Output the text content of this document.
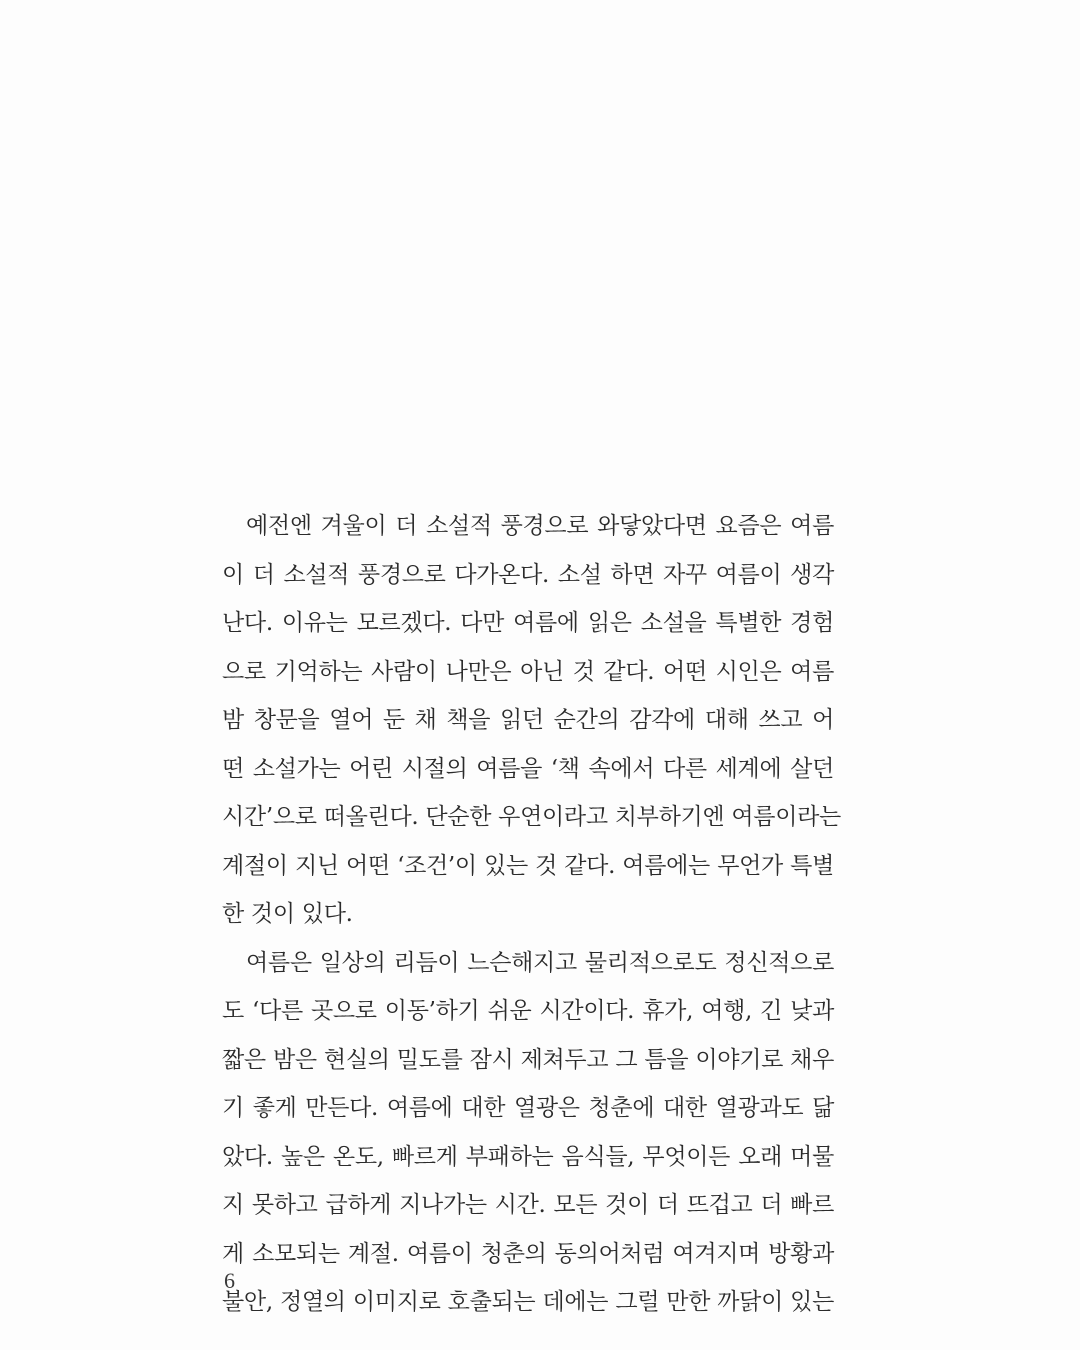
예전엔 겨울이 더 소설적 풍경으로 와닿았다면 요즘은 여름
이 더 소설적 풍경으로 다가온다. 소설 하면 자꾸 여름이 생각
난다. 이유는 모르겠다. 다만 여름에 읽은 소설을 특별한 경험
으로 기억하는 사람이 나만은 아닌 것 같다. 어떤 시인은 여름
밤 창문을 열어 둔 채 책을 읽던 순간의 감각에 대해 쓰고 어
떤 소설가는 어린 시절의 여름을 ‘책 속에서 다른 세계에 살던
시간’으로 떠올린다. 단순한 우연이라고 치부하기엔 여름이라는
계절이 지닌 어떤 ‘조건’이 있는 것 같다. 여름에는 무언가 특별
한 것이 있다.
여름은 일상의 리듬이 느슨해지고 물리적으로도 정신적으로
도 ‘다른 곳으로 이동’하기 쉬운 시간이다. 휴가, 여행, 긴 낮과
짧은 밤은 현실의 밀도를 잠시 제쳐두고 그 틈을 이야기로 채우
기 좋게 만든다. 여름에 대한 열광은 청춘에 대한 열광과도 닮
았다. 높은 온도, 빠르게 부패하는 음식들, 무엇이든 오래 머물
지 못하고 급하게 지나가는 시간. 모든 것이 더 뜨겁고 더 빠르
게 소모되는 계절. 여름이 청춘의 동의어처럼 여겨지며 방황과
불안, 정열의 이미지로 호출되는 데에는 그럴 만한 까닭이 있는
6
